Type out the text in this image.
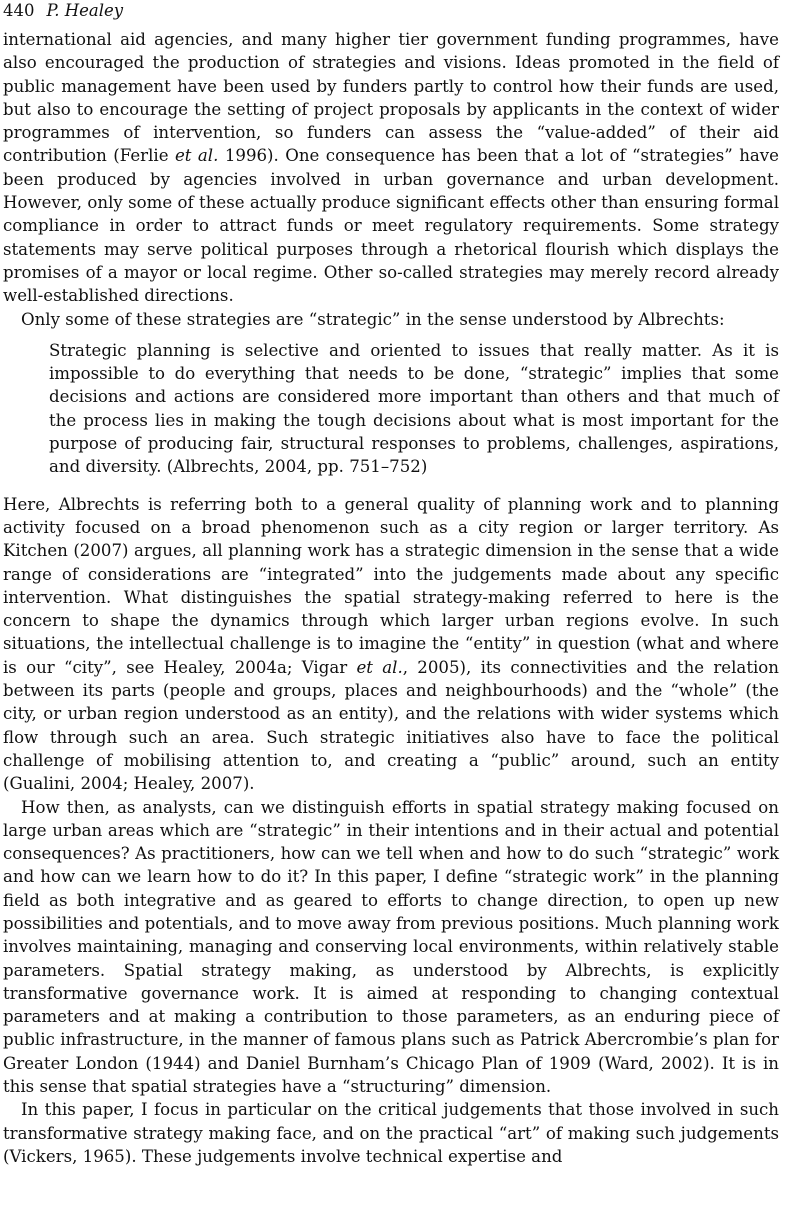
440 P. Healey

international aid agencies, and many higher tier government funding programmes, have also encouraged the production of strategies and visions. Ideas promoted in the field of public management have been used by funders partly to control how their funds are used, but also to encourage the setting of project proposals by applicants in the context of wider programmes of intervention, so funders can assess the “value-added” of their aid contribution (Ferlie et al. 1996). One consequence has been that a lot of “strategies” have been produced by agencies involved in urban governance and urban development. However, only some of these actually produce significant effects other than ensuring formal compliance in order to attract funds or meet regulatory requirements. Some strategy statements may serve political purposes through a rhetorical flourish which displays the promises of a mayor or local regime. Other so-called strategies may merely record already well-established directions.

Only some of these strategies are “strategic” in the sense understood by Albrechts:

Strategic planning is selective and oriented to issues that really matter. As it is impossible to do everything that needs to be done, “strategic” implies that some decisions and actions are considered more important than others and that much of the process lies in making the tough decisions about what is most important for the purpose of producing fair, structural responses to problems, challenges, aspirations, and diversity. (Albrechts, 2004, pp. 751–752)

Here, Albrechts is referring both to a general quality of planning work and to planning activity focused on a broad phenomenon such as a city region or larger territory. As Kitchen (2007) argues, all planning work has a strategic dimension in the sense that a wide range of considerations are “integrated” into the judgements made about any specific intervention. What distinguishes the spatial strategy-making referred to here is the concern to shape the dynamics through which larger urban regions evolve. In such situations, the intellectual challenge is to imagine the “entity” in question (what and where is our “city”, see Healey, 2004a; Vigar et al., 2005), its connectivities and the relation between its parts (people and groups, places and neighbourhoods) and the “whole” (the city, or urban region understood as an entity), and the relations with wider systems which flow through such an area. Such strategic initiatives also have to face the political challenge of mobilising attention to, and creating a “public” around, such an entity (Gualini, 2004; Healey, 2007).

How then, as analysts, can we distinguish efforts in spatial strategy making focused on large urban areas which are “strategic” in their intentions and in their actual and potential consequences? As practitioners, how can we tell when and how to do such “strategic” work and how can we learn how to do it? In this paper, I define “strategic work” in the planning field as both integrative and as geared to efforts to change direction, to open up new possibilities and potentials, and to move away from previous positions. Much planning work involves maintaining, managing and conserving local environments, within relatively stable parameters. Spatial strategy making, as understood by Albrechts, is explicitly transformative governance work. It is aimed at responding to changing contextual parameters and at making a contribution to those parameters, as an enduring piece of public infrastructure, in the manner of famous plans such as Patrick Abercrombie’s plan for Greater London (1944) and Daniel Burnham’s Chicago Plan of 1909 (Ward, 2002). It is in this sense that spatial strategies have a “structuring” dimension.

In this paper, I focus in particular on the critical judgements that those involved in such transformative strategy making face, and on the practical “art” of making such judgements (Vickers, 1965). These judgements involve technical expertise and
